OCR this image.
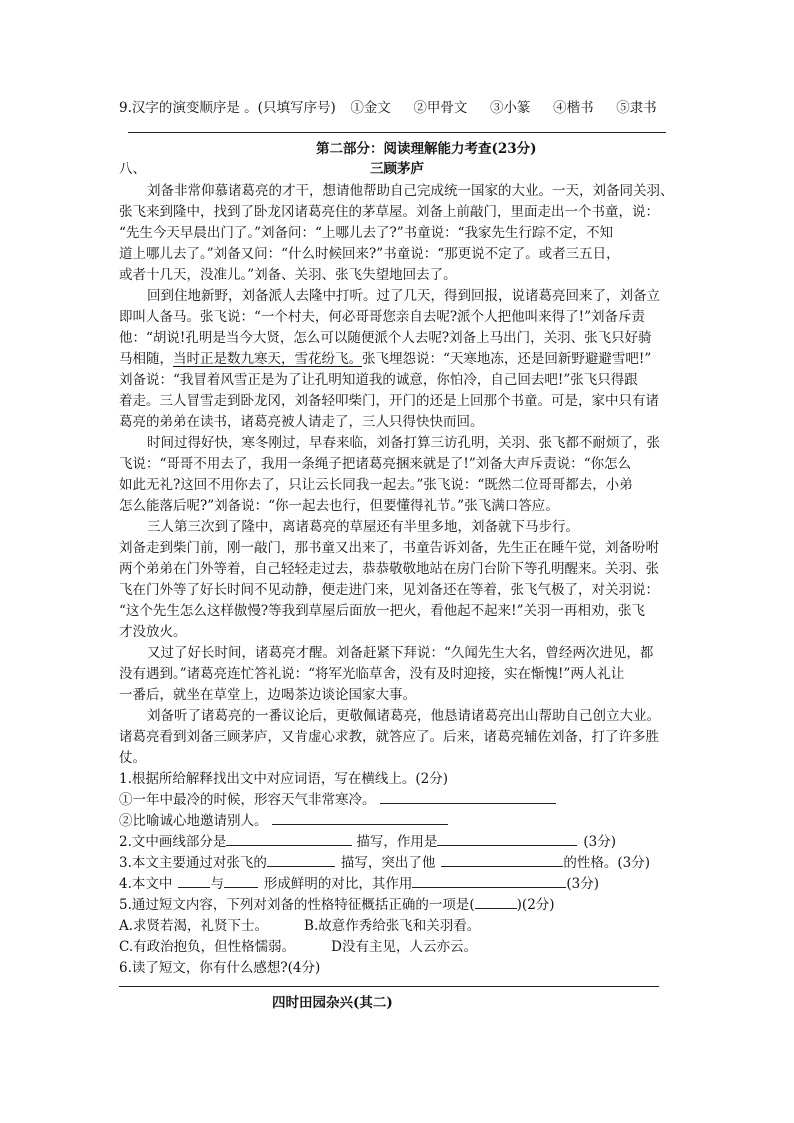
9.汉字的演变顺序是 。(只填写序号) ①金文 ②甲骨文 ③小篆 ④楷书 ⑤隶书
第二部分：阅读理解能力考查(23分)
八、	三顾茅庐
刘备非常仰慕诸葛亮的才干，想请他帮助自己完成统一国家的大业。一天，刘备同关羽、
张飞来到隆中，找到了卧龙冈诸葛亮住的茅草屋。刘备上前敲门，里面走出一个书童，说：
“先生今天早晨出门了。”刘备问：“上哪儿去了?”书童说：“我家先生行踪不定，不知
道上哪儿去了。”刘备又问：“什么时候回来?”书童说：“那更说不定了。或者三五日，
或者十几天，没准儿。”刘备、关羽、张飞失望地回去了。
回到住地新野，刘备派人去隆中打听。过了几天，得到回报，说诸葛亮回来了，刘备立
即叫人备马。张飞说：“一个村夫，何必哥哥您亲自去呢?派个人把他叫来得了!”刘备斥责
他：“胡说!孔明是当今大贤，怎么可以随便派个人去呢?刘备上马出门，关羽、张飞只好骑
马相随，当时正是数九寒天，雪花纷飞。张飞埋怨说：“天寒地冻，还是回新野避避雪吧!”
刘备说：“我冒着风雪正是为了让孔明知道我的诚意，你怕冷，自己回去吧!”张飞只得跟
着走。三人冒雪走到卧龙冈，刘备轻叩柴门，开门的还是上回那个书童。可是，家中只有诸
葛亮的弟弟在读书，诸葛亮被人请走了，三人只得快快而回。
时间过得好快，寒冬刚过，早春来临，刘备打算三访孔明，关羽、张飞都不耐烦了，张
飞说：“哥哥不用去了，我用一条绳子把诸葛亮捆来就是了!”刘备大声斥责说：“你怎么
如此无礼?这回不用你去了，只让云长同我一起去。”张飞说：“既然二位哥哥都去，小弟
怎么能落后呢?”刘备说：“你一起去也行，但要懂得礼节。”张飞满口答应。
三人第三次到了隆中，离诸葛亮的草屋还有半里多地，刘备就下马步行。
刘备走到柴门前，刚一敲门，那书童又出来了，书童告诉刘备，先生正在睡午觉，刘备吩咐
两个弟弟在门外等着，自己轻轻走过去，恭恭敬敬地站在房门台阶下等孔明醒来。关羽、张
飞在门外等了好长时间不见动静，便走进门来，见刘备还在等着，张飞气极了，对关羽说：
“这个先生怎么这样傲慢?等我到草屋后面放一把火，看他起不起来!”关羽一再相劝，张飞
才没放火。
又过了好长时间，诸葛亮才醒。刘备赶紧下拜说：“久闻先生大名，曾经两次进见，都
没有遇到。”诸葛亮连忙答礼说：“将军光临草舍，没有及时迎接，实在惭愧!”两人礼让
一番后，就坐在草堂上，边喝茶边谈论国家大事。
刘备听了诸葛亮的一番议论后，更敬佩诸葛亮，他恳请诸葛亮出山帮助自己创立大业。
诸葛亮看到刘备三顾茅庐，又肯虚心求教，就答应了。后来，诸葛亮辅佐刘备，打了许多胜
仗。
1.根据所给解释找出文中对应词语，写在横线上。(2分)
①一年中最冷的时候，形容天气非常寒冷。
②比喻诚心地邀请别人。
2.文中画线部分是	描写，作用是	(3分)
3.本文主要通过对张飞的	描写，突出了他	的性格。(3分)
4.本文中	与	形成鲜明的对比，其作用	(3分)
5.通过短文内容，下列对刘备的性格特征概括正确的一项是(	)(2分)
A.求贤若渴，礼贤下士。	B.故意作秀给张飞和关羽看。
C.有政治抱负，但性格懦弱。	D没有主见，人云亦云。
6.读了短文，你有什么感想?(4分)
四时田园杂兴(其二)
